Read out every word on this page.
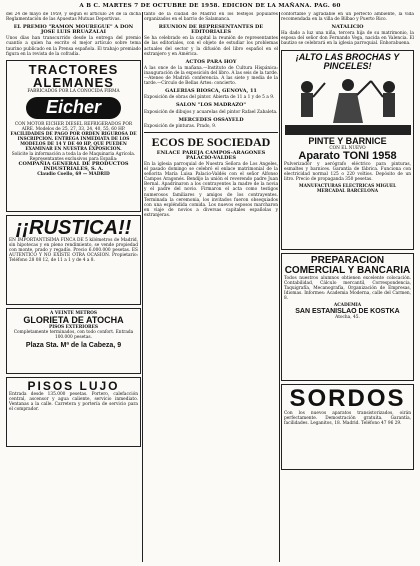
A B C. MARTES 7 DE OCTUBRE DE 1958. EDICION DE LA MAÑANA. PAG. 60

del 24 de mayo de 1959, y según el artículo 24 de la dicha Reglamentación de las Apuestas Mutuas Deportivas.

EL PREMIO "RAMON MOUREGUE" A DON JOSE LUIS BRUAZALAI

Unos días han transcurrido desde la entrega del premio cuantío a quien ha escrito el mejor artículo sobre tema taurino publicado en la Prensa española. El trabajo premiado figura en la revista de la cofradía.

TRACTORES ALEMANES

FABRICADOS POR LA CONOCIDA FIRMA

Eicher

CON MOTOR EICHER DIESEL REFRIGERADOS POR AIRE. Modelos de 25, 27, 33, 24, 40, 55, 60 HP.

FACILIDADES DE PAGO POR ORDEN RIGUROSA DE INSCRIPCION. ENTREGA INMEDIATA DE LOS MODELOS DE 14 Y DE 40 HP, QUE PUEDEN EXAMINAR EN NUESTRA EXPOSICION.

Solicite la información a toda la de Maquinaria Agrícola.

Representantes exclusivos para España:

COMPAÑIA GENERAL DE PRODUCTOS INDUSTRIALES, S. A.

Claudio Coello, 69 — MADRID

¡¡RUSTICA!!

EN IMPORTANTISIMA FINCA DE 5 kilómetros de Madrid, sin hipotecas y en pleno rendimiento, se vende propiedad con monte, prado y regadío. Precio 6.000.000 pesetas. ES AUTENTICO Y NO EXISTE OTRA OCASION. Propietario: Teléfono 28 08 12, de 11 a 1 y de 4 a 8.

A VEINTE METROS

GLORIETA DE ATOCHA

PISOS EXTERIORES

Completamente terminados, con todo confort. Entrada 100.000 pesetas.

Plaza Sta. Mª de la Cabeza, 9
PISOS LUJO

Entrada desde 135.000 pesetas. Portero, calefacción central, ascensor y agua caliente, servicio inmediato. Ventanas a la calle. Carretera y portería de servicio para el comprador.

tanto de la ciudad de Madrid en los festejos populares organizados en el barrio de Salamanca.

REUNION DE REPRESENTANTES DE EDITORIALES

Se ha celebrado en la capital la reunión de representantes de las editoriales, con el objeto de estudiar los problemas actuales del sector y la difusión del libro español en el extranjero y en América.

ACTOS PARA HOY

A las once de la mañana.—Instituto de Cultura Hispánica: inauguración de la exposición del libro. A las seis de la tarde.—Ateneo de Madrid: conferencia. A las siete y media de la tarde.—Círculo de Bellas Artes: concierto.

GALERIAS BIOSCA, GENOVA, 11

Exposición de obras del pintor. Abierta de 11 a 1 y de 5 a 9.

SALON "LOS MADRAZO"

Exposición de dibujos y acuarelas del pintor Rafael Zabaleta.

MERCEDES OSSAYELD

Exposición de pinturas. Prado, 9.

ECOS DE SOCIEDAD

ENLACE PAREJA CAMPOS-ARAGONES PALACIO-VALDES

En la iglesia parroquial de Nuestra Señora de Los Angeles, el pasado domingo se celebró el enlace matrimonial de la señorita María Luisa Palacio-Valdés con el señor Alfonso Campos Aragonés. Bendijo la unión el reverendo padre Juan Bernal. Apadrinaron a los contrayentes la madre de la novia y el padre del novio. Firmaron el acta como testigos numerosos familiares y amigos de los contrayentes. Terminada la ceremonia, los invitados fueron obsequiados con una espléndida comida. Los nuevos esposos marcharon en viaje de novios a diversas capitales españolas y extranjeras.

confortable y agradable en un perfecto ambiente, la vida recomendada en la villa de Bilbao y Puerto Rico.

NATALICIO

Ha dado a luz una niña, tercera hija de su matrimonio, la esposa del señor don Fernando Vega, nacida en Valencia. El bautizo se celebrará en la iglesia parroquial. Enhorabuena.

¡ALTO LAS BROCHAS Y PINCELES!
PINTE Y BARNICE

CON EL NUEVO

Aparato TONI 1958

Pulverizador y aerógrafo eléctrico para pinturas, esmaltes y barnices. Garantía de fábrica. Funciona con electricidad normal 125 o 220 voltios. Depósito de un litro. Precio de propaganda 350 pesetas.

MANUFACTURAS ELECTRICAS MIGUEL MERCADAL BARCELONA

PREPARACION COMERCIAL Y BANCARIA

Todos nuestros alumnos obtienen excelente colocación. Contabilidad, Cálculo mercantil, Correspondencia, Taquigrafía, Mecanografía, Organización de Empresas, Idiomas. Informes: Academia Moderna, calle del Carmen, 8.

ACADEMIA

SAN ESTANISLAO DE KOSTKA

Atocha, 45.

SORDOS

Con los nuevos aparatos transistorizados, oirán perfectamente. Demostración gratuita. Garantía, facilidades. Leganitos, 18. Madrid. Teléfono 47 96 29.
